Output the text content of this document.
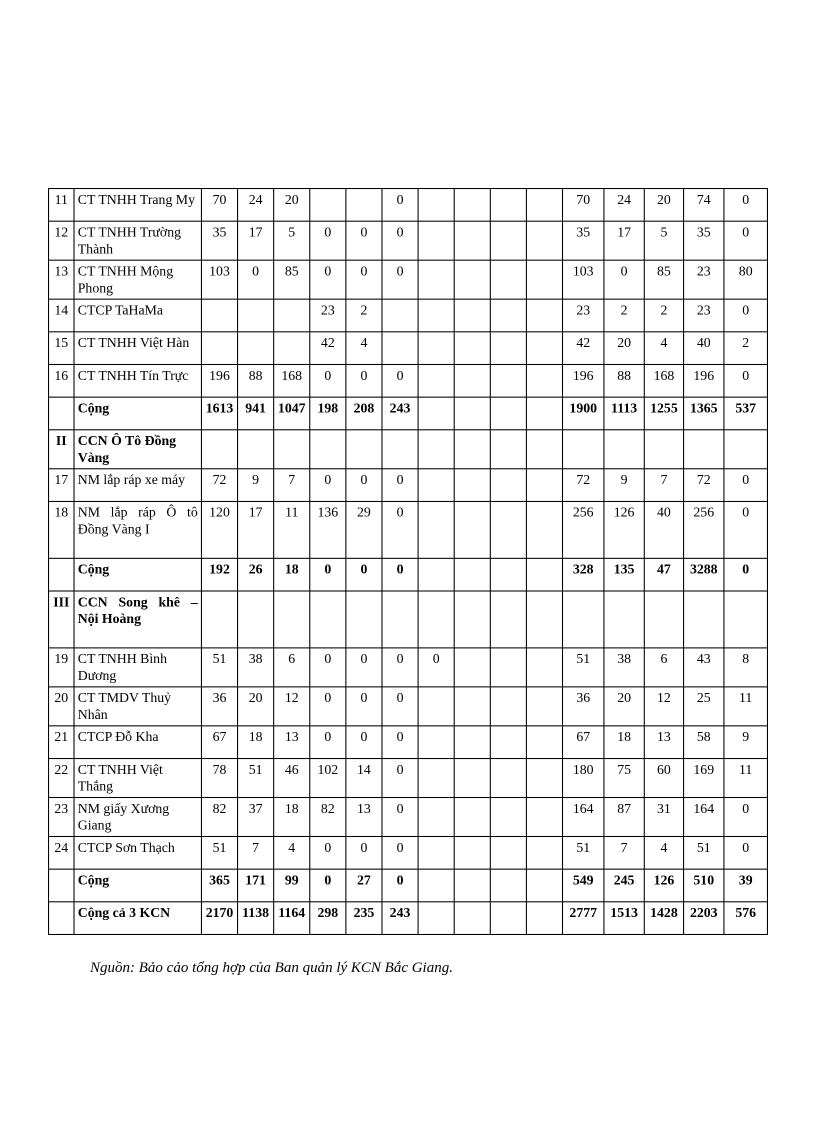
11	CT TNHH Trang My	70	24	20			0					70	24	20	74	0
12	CT TNHH Trường Thành	35	17	5	0	0	0					35	17	5	35	0
13	CT TNHH Mộng Phong	103	0	85	0	0	0					103	0	85	23	80
14	CTCP TaHaMa				23	2						23	2	2	23	0
15	CT TNHH Việt Hàn				42	4						42	20	4	40	2
16	CT TNHH Tín Trực	196	88	168	0	0	0					196	88	168	196	0
	Cộng	1613	941	1047	198	208	243					1900	1113	1255	1365	537
II	CCN Ô Tô Đồng Vàng															
17	NM lắp ráp xe máy	72	9	7	0	0	0					72	9	7	72	0
18	NM lắp ráp Ô tô Đồng Vàng I	120	17	11	136	29	0					256	126	40	256	0
	Cộng	192	26	18	0	0	0					328	135	47	3288	0
III	CCN Song khê – Nội Hoàng															
19	CT TNHH Bình Dương	51	38	6	0	0	0	0				51	38	6	43	8
20	CT TMDV Thuỷ Nhân	36	20	12	0	0	0					36	20	12	25	11
21	CTCP Đỗ Kha	67	18	13	0	0	0					67	18	13	58	9
22	CT TNHH Việt Thắng	78	51	46	102	14	0					180	75	60	169	11
23	NM giấy Xương Giang	82	37	18	82	13	0					164	87	31	164	0
24	CTCP Sơn Thạch	51	7	4	0	0	0					51	7	4	51	0
	Cộng	365	171	99	0	27	0					549	245	126	510	39
	Cộng cả 3 KCN	2170	1138	1164	298	235	243					2777	1513	1428	2203	576
Nguồn: Bảo cảo tổng hợp của Ban quản lý KCN Bắc Giang.
